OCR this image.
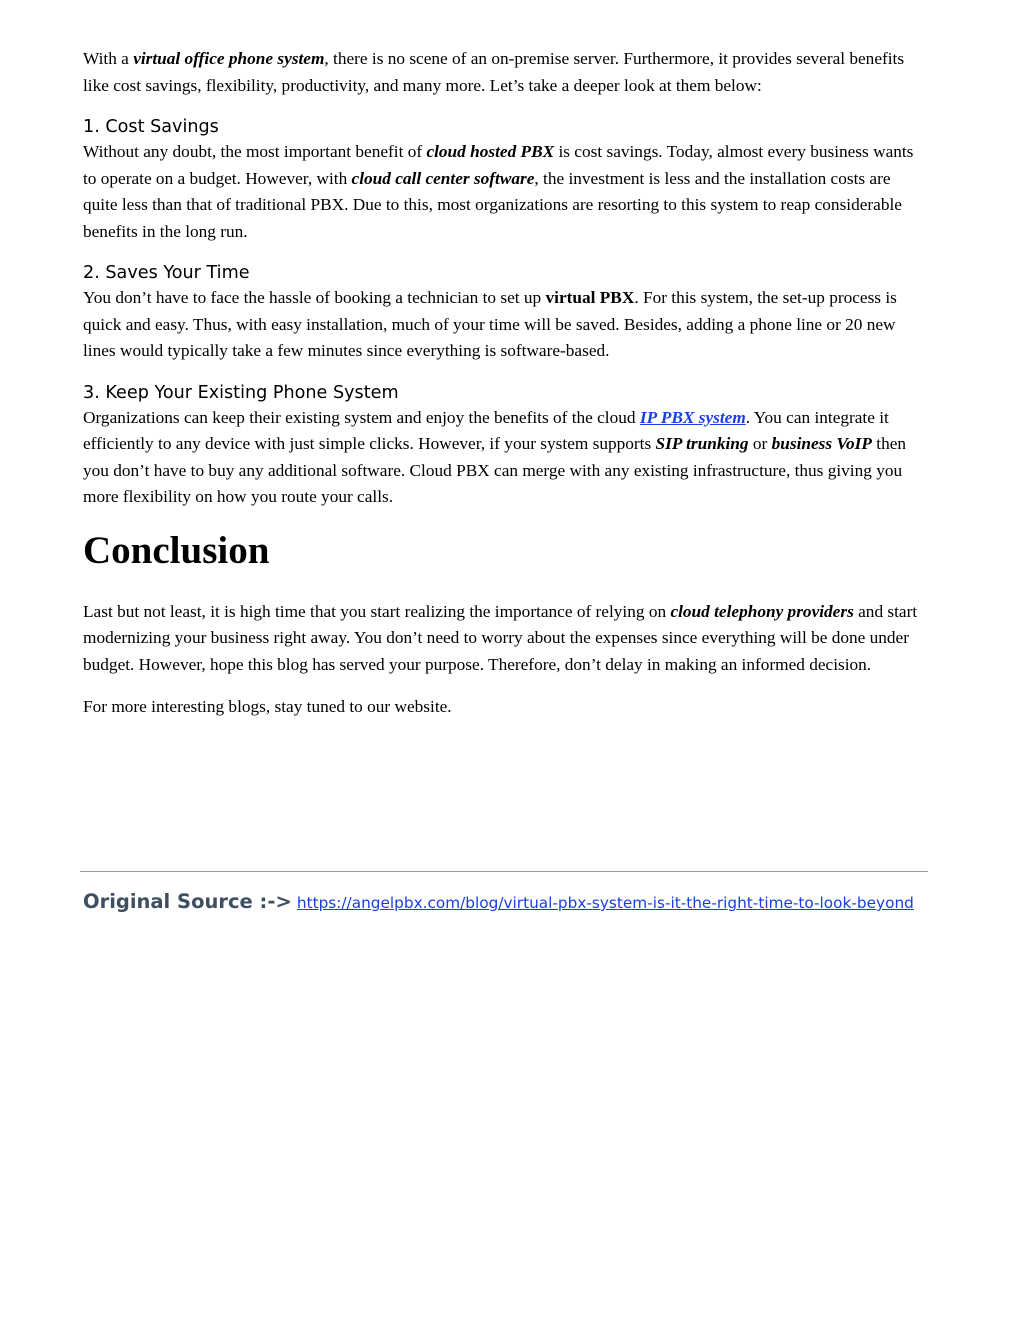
With a virtual office phone system, there is no scene of an on-premise server. Furthermore, it provides several benefits like cost savings, flexibility, productivity, and many more. Let’s take a deeper look at them below:

1. Cost Savings

Without any doubt, the most important benefit of cloud hosted PBX is cost savings. Today, almost every business wants to operate on a budget. However, with cloud call center software, the investment is less and the installation costs are quite less than that of traditional PBX. Due to this, most organizations are resorting to this system to reap considerable benefits in the long run.

2. Saves Your Time

You don’t have to face the hassle of booking a technician to set up virtual PBX. For this system, the set-up process is quick and easy. Thus, with easy installation, much of your time will be saved. Besides, adding a phone line or 20 new lines would typically take a few minutes since everything is software-based.

3. Keep Your Existing Phone System

Organizations can keep their existing system and enjoy the benefits of the cloud IP PBX system. You can integrate it efficiently to any device with just simple clicks. However, if your system supports SIP trunking or business VoIP then you don’t have to buy any additional software. Cloud PBX can merge with any existing infrastructure, thus giving you more flexibility on how you route your calls.

Conclusion

Last but not least, it is high time that you start realizing the importance of relying on cloud telephony providers and start modernizing your business right away. You don’t need to worry about the expenses since everything will be done under budget. However, hope this blog has served your purpose. Therefore, don’t delay in making an informed decision.

For more interesting blogs, stay tuned to our website.

Original Source :-> https://angelpbx.com/blog/virtual-pbx-system-is-it-the-right-time-to-look-beyond
